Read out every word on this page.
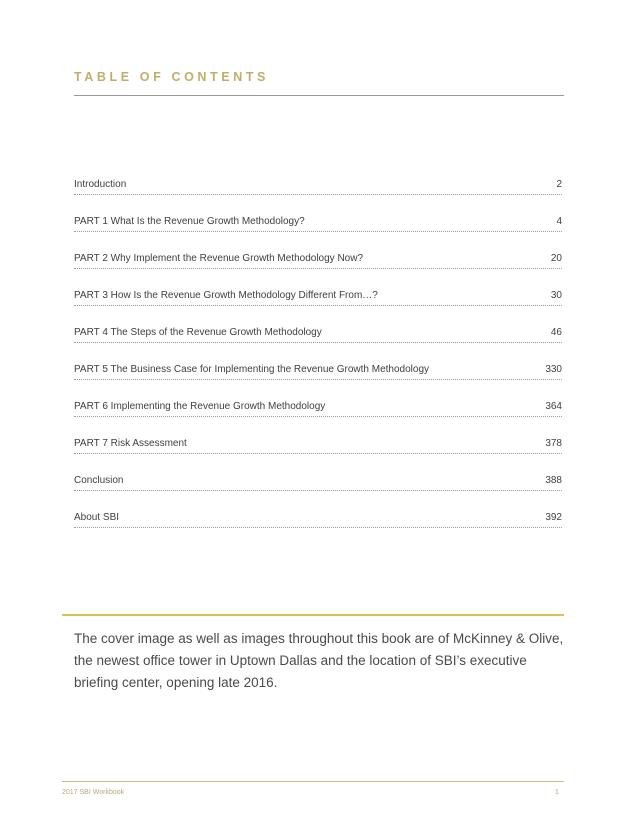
TABLE OF CONTENTS
Introduction	2
PART 1 What Is the Revenue Growth Methodology?	4
PART 2 Why Implement the Revenue Growth Methodology Now?	20
PART 3 How Is the Revenue Growth Methodology Different From…?	30
PART 4 The Steps of the Revenue Growth Methodology	46
PART 5 The Business Case for Implementing the Revenue Growth Methodology	330
PART 6 Implementing the Revenue Growth Methodology	364
PART 7 Risk Assessment	378
Conclusion	388
About SBI	392

The cover image as well as images throughout this book are of McKinney & Olive, the newest office tower in Uptown Dallas and the location of SBI’s executive briefing center, opening late 2016.

2017 SBI Workbook	1
